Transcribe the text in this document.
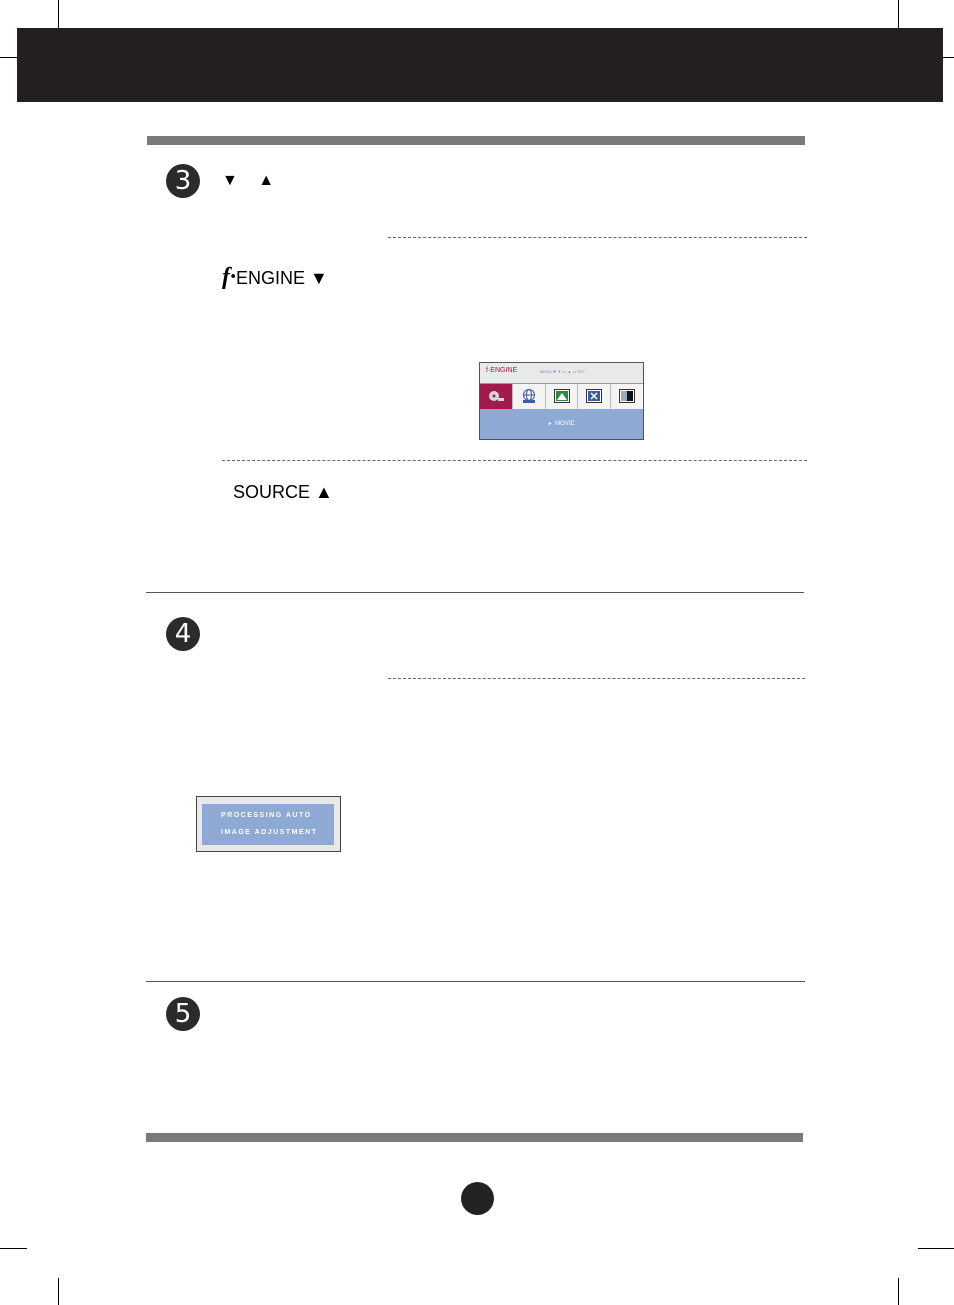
3	▼ ▲
f·ENGINE ▼
f·ENGINE	MENU ⊠ ▼ ▭ ▲ ▭ SET
▸  MOVIE
SOURCE ▲
4
PROCESSING AUTO
IMAGE ADJUSTMENT
5
